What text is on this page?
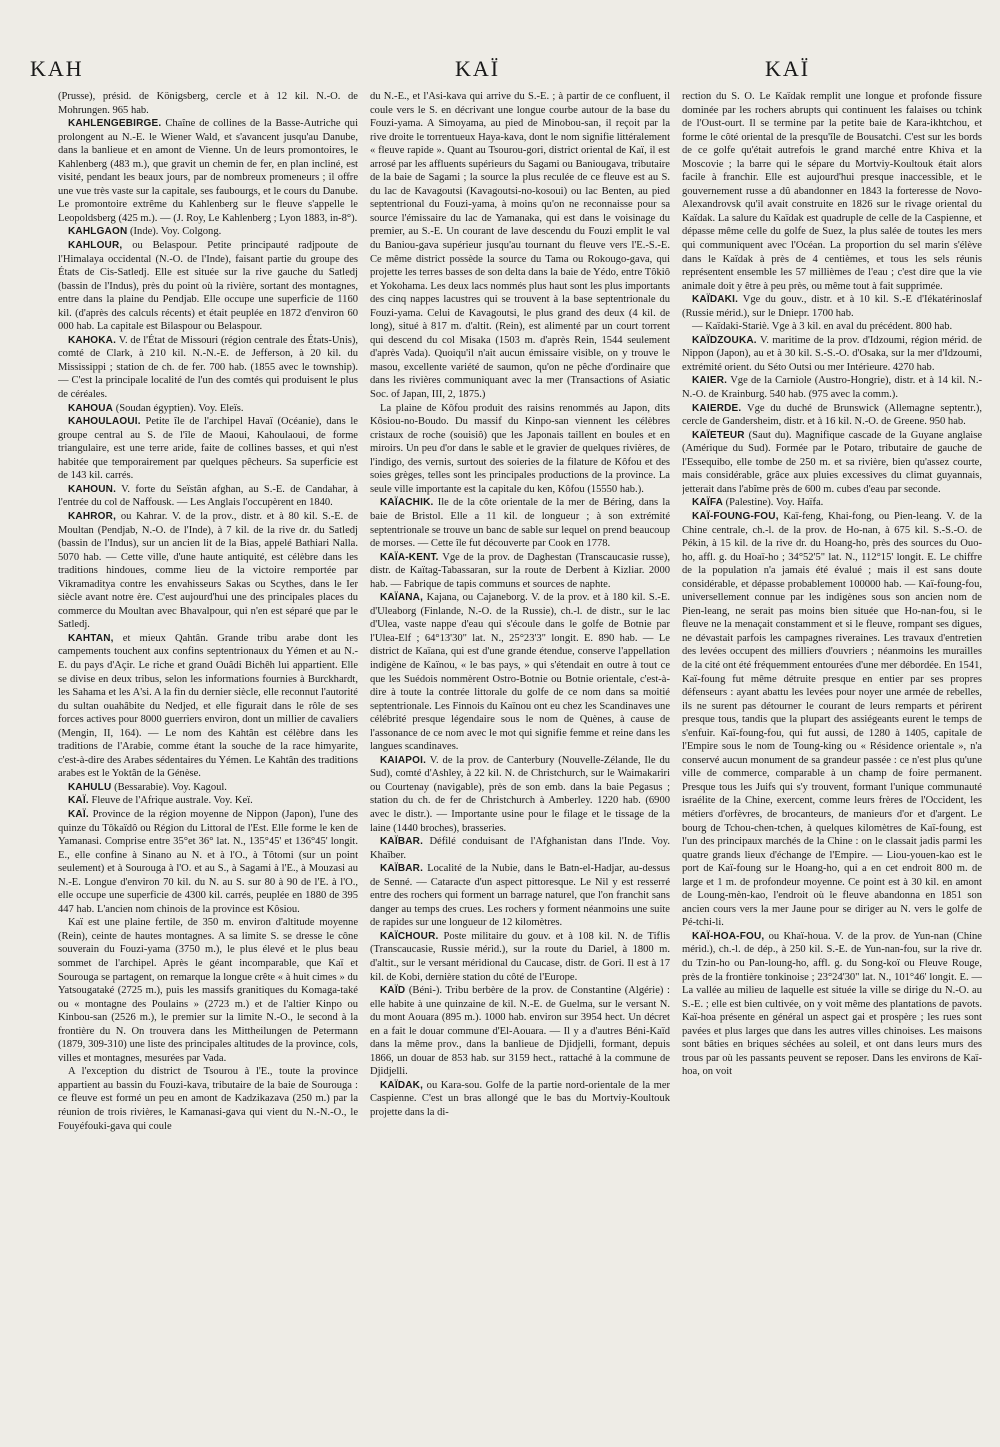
KAH	KAÏ	KAÏ

(Prusse), présid. de Königsberg, cercle et à 12 kil. N.-O. de Mohrungen. 965 hab.

KAHLENGEBIRGE. Chaîne de collines de la Basse-Autriche qui prolongent au N.-E. le Wiener Wald, et s'avancent jusqu'au Danube, dans la banlieue et en amont de Vienne. Un de leurs promontoires, le Kahlenberg (483 m.), que gravit un chemin de fer, en plan incliné, est visité, pendant les beaux jours, par de nombreux promeneurs ; il offre une vue très vaste sur la capitale, ses faubourgs, et le cours du Danube. Le promontoire extrême du Kahlenberg sur le fleuve s'appelle le Leopoldsberg (425 m.). — (J. Roy, Le Kahlenberg ; Lyon 1883, in-8°).

KAHLGAON (Inde). Voy. Colgong.

KAHLOUR, ou Belaspour. Petite principauté radjpoute de l'Himalaya occidental (N.-O. de l'Inde), faisant partie du groupe des États de Cis-Satledj. Elle est située sur la rive gauche du Satledj (bassin de l'Indus), près du point où la rivière, sortant des montagnes, entre dans la plaine du Pendjab. Elle occupe une superficie de 1160 kil. (d'après des calculs récents) et était peuplée en 1872 d'environ 60 000 hab. La capitale est Bilaspour ou Belaspour.

KAHOKA. V. de l'État de Missouri (région centrale des États-Unis), comté de Clark, à 210 kil. N.-N.-E. de Jefferson, à 20 kil. du Mississippi ; station de ch. de fer. 700 hab. (1855 avec le township). — C'est la principale localité de l'un des comtés qui produisent le plus de céréales.

KAHOUA (Soudan égyptien). Voy. Eleïs.

KAHOULAOUI. Petite île de l'archipel Havaï (Océanie), dans le groupe central au S. de l'île de Maoui, Kahoulaoui, de forme triangulaire, est une terre aride, faite de collines basses, et qui n'est habitée que temporairement par quelques pêcheurs. Sa superficie est de 143 kil. carrés.

KAHOUN. V. forte du Seïstân afghan, au S.-E. de Candahar, à l'entrée du col de Naffousk. — Les Anglais l'occupèrent en 1840.

KAHROR, ou Kahrar. V. de la prov., distr. et à 80 kil. S.-E. de Moultan (Pendjab, N.-O. de l'Inde), à 7 kil. de la rive dr. du Satledj (bassin de l'Indus), sur un ancien lit de la Bias, appelé Bathiari Nalla. 5070 hab. — Cette ville, d'une haute antiquité, est célèbre dans les traditions hindoues, comme lieu de la victoire remportée par Vikramaditya contre les envahisseurs Sakas ou Scythes, dans le Ier siècle avant notre ère. C'est aujourd'hui une des principales places du commerce du Moultan avec Bhavalpour, qui n'en est séparé que par le Satledj.

KAHTAN, et mieux Qahtân. Grande tribu arabe dont les campements touchent aux confins septentrionaux du Yémen et au N.-E. du pays d'Açir. Le riche et grand Ouâdi Bichêh lui appartient. Elle se divise en deux tribus, selon les informations fournies à Burckhardt, les Sahama et les A'si. A la fin du dernier siècle, elle reconnut l'autorité du sultan ouahâbite du Nedjed, et elle figurait dans le rôle de ses forces actives pour 8000 guerriers environ, dont un millier de cavaliers (Mengin, II, 164). — Le nom des Kahtân est célèbre dans les traditions de l'Arabie, comme étant la souche de la race himyarite, c'est-à-dire des Arabes sédentaires du Yémen. Le Kahtân des traditions arabes est le Yoktân de la Génèse.

KAHULU (Bessarabie). Voy. Kagoul.

KAÏ. Fleuve de l'Afrique australe. Voy. Keï.

KAÏ. Province de la région moyenne de Nippon (Japon), l'une des quinze du Tôkaïdô ou Région du Littoral de l'Est. Elle forme le ken de Yamanasi. Comprise entre 35°et 36° lat. N., 135°45' et 136°45' longit. E., elle confine à Sinano au N. et à l'O., à Tôtomi (sur un point seulement) et à Sourouga à l'O. et au S., à Sagami à l'E., à Mouzasi au N.-E. Longue d'environ 70 kil. du N. au S. sur 80 à 90 de l'E. à l'O., elle occupe une superficie de 4300 kil. carrés, peuplée en 1880 de 395 447 hab. L'ancien nom chinois de la province est Kôsiou.

Kaï est une plaine fertile, de 350 m. environ d'altitude moyenne (Rein), ceinte de hautes montagnes. A sa limite S. se dresse le cône souverain du Fouzi-yama (3750 m.), le plus élevé et le plus beau sommet de l'archipel. Après le géant incomparable, que Kaï et Sourouga se partagent, on remarque la longue crête « à huit cimes » du Yatsougataké (2725 m.), puis les massifs granitiques du Komaga-také ou « montagne des Poulains » (2723 m.) et de l'altier Kinpo ou Kinbou-san (2526 m.), le premier sur la limite N.-O., le second à la frontière du N. On trouvera dans les Mittheilungen de Petermann (1879, 309-310) une liste des principales altitudes de la province, cols, villes et montagnes, mesurées par Vada.

A l'exception du district de Tsourou à l'E., toute la province appartient au bassin du Fouzi-kava, tributaire de la baie de Sourouga : ce fleuve est formé un peu en amont de Kadzikazava (250 m.) par la réunion de trois rivières, le Kamanasi-gava qui vient du N.-N.-O., le Fouyéfouki-gava qui coule

du N.-E., et l'Asi-kava qui arrive du S.-E. ; à partir de ce confluent, il coule vers le S. en décrivant une longue courbe autour de la base du Fouzi-yama. A Simoyama, au pied de Minobou-san, il reçoit par la rive droite le torrentueux Haya-kava, dont le nom signifie littéralement « fleuve rapide ». Quant au Tsourou-gori, district oriental de Kaï, il est arrosé par les affluents supérieurs du Sagami ou Baniougava, tributaire de la baie de Sagami ; la source la plus reculée de ce fleuve est au S. du lac de Kavagoutsi (Kavagoutsi-no-kosoui) ou lac Benten, au pied septentrional du Fouzi-yama, à moins qu'on ne reconnaisse pour sa source l'émissaire du lac de Yamanaka, qui est dans le voisinage du premier, au S.-E. Un courant de lave descendu du Fouzi emplit le val du Baniou-gava supérieur jusqu'au tournant du fleuve vers l'E.-S.-E. Ce même district possède la source du Tama ou Rokougo-gava, qui projette les terres basses de son delta dans la baie de Yédo, entre Tôkiô et Yokohama. Les deux lacs nommés plus haut sont les plus importants des cinq nappes lacustres qui se trouvent à la base septentrionale du Fouzi-yama. Celui de Kavagoutsi, le plus grand des deux (4 kil. de long), situé à 817 m. d'altit. (Rein), est alimenté par un court torrent qui descend du col Misaka (1503 m. d'après Rein, 1544 seulement d'après Vada). Quoiqu'il n'ait aucun émissaire visible, on y trouve le masou, excellente variété de saumon, qu'on ne pêche d'ordinaire que dans les rivières communiquant avec la mer (Transactions of Asiatic Soc. of Japan, III, 2, 1875.)

La plaine de Kôfou produit des raisins renommés au Japon, dits Kôsiou-no-Boudo. Du massif du Kinpo-san viennent les célèbres cristaux de roche (souisiô) que les Japonais taillent en boules et en miroirs. Un peu d'or dans le sable et le gravier de quelques rivières, de l'indigo, des vernis, surtout des soieries de la filature de Kôfou et des soies grèges, telles sont les principales productions de la province. La seule ville importante est la capitale du ken, Kôfou (15550 hab.).

KAÏACHIK. Ile de la côte orientale de la mer de Béring, dans la baie de Bristol. Elle a 11 kil. de longueur ; à son extrémité septentrionale se trouve un banc de sable sur lequel on prend beaucoup de morses. — Cette île fut découverte par Cook en 1778.

KAÏA-KENT. Vge de la prov. de Daghestan (Transcaucasie russe), distr. de Kaïtag-Tabassaran, sur la route de Derbent à Kizliar. 2000 hab. — Fabrique de tapis communs et sources de naphte.

KAÏANA, Kajana, ou Cajaneborg. V. de la prov. et à 180 kil. S.-E. d'Uleaborg (Finlande, N.-O. de la Russie), ch.-l. de distr., sur le lac d'Ulea, vaste nappe d'eau qui s'écoule dans le golfe de Botnie par l'Ulea-Elf ; 64°13'30" lat. N., 25°23'3" longit. E. 890 hab. — Le district de Kaïana, qui est d'une grande étendue, conserve l'appellation indigène de Kaïnou, « le bas pays, » qui s'étendait en outre à tout ce que les Suédois nommèrent Ostro-Botnie ou Botnie orientale, c'est-à-dire à toute la contrée littorale du golfe de ce nom dans sa moitié septentrionale. Les Finnois du Kaïnou ont eu chez les Scandinaves une célébrité presque légendaire sous le nom de Quènes, à cause de l'assonance de ce nom avec le mot qui signifie femme et reine dans les langues scandinaves.

KAIAPOI. V. de la prov. de Canterbury (Nouvelle-Zélande, Ile du Sud), comté d'Ashley, à 22 kil. N. de Christchurch, sur le Waimakariri ou Courtenay (navigable), près de son emb. dans la baie Pegasus ; station du ch. de fer de Christchurch à Amberley. 1220 hab. (6900 avec le distr.). — Importante usine pour le filage et le tissage de la laine (1440 broches), brasseries.

KAÏBAR. Défilé conduisant de l'Afghanistan dans l'Inde. Voy. Khaïber.

KAÏBAR. Localité de la Nubie, dans le Batn-el-Hadjar, au-dessus de Senné. — Cataracte d'un aspect pittoresque. Le Nil y est resserré entre des rochers qui forment un barrage naturel, que l'on franchit sans danger au temps des crues. Les rochers y forment néanmoins une suite de rapides sur une longueur de 12 kilomètres.

KAÏCHOUR. Poste militaire du gouv. et à 108 kil. N. de Tiflis (Transcaucasie, Russie mérid.), sur la route du Dariel, à 1800 m. d'altit., sur le versant méridional du Caucase, distr. de Gori. Il est à 17 kil. de Kobi, dernière station du côté de l'Europe.

KAÏD (Béni-). Tribu berbère de la prov. de Constantine (Algérie) : elle habite à une quinzaine de kil. N.-E. de Guelma, sur le versant N. du mont Aouara (895 m.). 1000 hab. environ sur 3954 hect. Un décret en a fait le douar commune d'El-Aouara. — Il y a d'autres Béni-Kaïd dans la même prov., dans la banlieue de Djidjelli, formant, depuis 1866, un douar de 853 hab. sur 3159 hect., rattaché à la commune de Djidjelli.

KAÏDAK, ou Kara-sou. Golfe de la partie nord-orientale de la mer Caspienne. C'est un bras allongé que le bas du Mortviy-Koultouk projette dans la di-

rection du S. O. Le Kaïdak remplit une longue et profonde fissure dominée par les rochers abrupts qui continuent les falaises ou tchink de l'Oust-ourt. Il se termine par la petite baie de Kara-ikhtchou, et forme le côté oriental de la presqu'île de Bousatchi. C'est sur les bords de ce golfe qu'était autrefois le grand marché entre Khiva et la Moscovie ; la barre qui le sépare du Mortviy-Koultouk était alors facile à franchir. Elle est aujourd'hui presque inaccessible, et le gouvernement russe a dû abandonner en 1843 la forteresse de Novo-Alexandrovsk qu'il avait construite en 1826 sur le rivage oriental du Kaïdak. La salure du Kaïdak est quadruple de celle de la Caspienne, et dépasse même celle du golfe de Suez, la plus salée de toutes les mers qui communiquent avec l'Océan. La proportion du sel marin s'élève dans le Kaïdak à près de 4 centièmes, et tous les sels réunis représentent ensemble les 57 millièmes de l'eau ; c'est dire que la vie animale doit y être à peu près, ou même tout à fait supprimée.

KAÏDAKI. Vge du gouv., distr. et à 10 kil. S.-E d'Iékatérinoslaf (Russie mérid.), sur le Dniepr. 1700 hab.

— Kaïdaki-Stariè. Vge à 3 kil. en aval du précédent. 800 hab.

KAÏDZOUKA. V. maritime de la prov. d'Idzoumi, région mérid. de Nippon (Japon), au et à 30 kil. S.-S.-O. d'Osaka, sur la mer d'Idzoumi, extrémité orient. du Séto Outsi ou mer Intérieure. 4270 hab.

KAIER. Vge de la Carniole (Austro-Hongrie), distr. et à 14 kil. N.-N.-O. de Krainburg. 540 hab. (975 avec la comm.).

KAIERDE. Vge du duché de Brunswick (Allemagne septentr.), cercle de Gandersheim, distr. et à 16 kil. N.-O. de Greene. 950 hab.

KAÏETEUR (Saut du). Magnifique cascade de la Guyane anglaise (Amérique du Sud). Formée par le Potaro, tributaire de gauche de l'Essequibo, elle tombe de 250 m. et sa rivière, bien qu'assez courte, mais considérable, grâce aux pluies excessives du climat guyannais, jetterait dans l'abîme près de 600 m. cubes d'eau par seconde.

KAÏFA (Palestine). Voy. Haïfa.

KAÏ-FOUNG-FOU, Kaï-feng, Khai-fong, ou Pien-leang. V. de la Chine centrale, ch.-l. de la prov. de Ho-nan, à 675 kil. S.-S.-O. de Pékin, à 15 kil. de la rive dr. du Hoang-ho, près des sources du Ouo-ho, affl. g. du Hoaï-ho ; 34°52'5" lat. N., 112°15' longit. E. Le chiffre de la population n'a jamais été évalué ; mais il est sans doute considérable, et dépasse probablement 100000 hab. — Kaï-foung-fou, universellement connue par les indigènes sous son ancien nom de Pien-leang, ne serait pas moins bien située que Ho-nan-fou, si le fleuve ne la menaçait constamment et si le fleuve, rompant ses digues, ne dévastait parfois les campagnes riveraines. Les travaux d'entretien des levées occupent des milliers d'ouvriers ; néanmoins les murailles de la cité ont été fréquemment entourées d'une mer débordée. En 1541, Kaï-foung fut même détruite presque en entier par ses propres défenseurs : ayant abattu les levées pour noyer une armée de rebelles, ils ne surent pas détourner le courant de leurs remparts et périrent presque tous, tandis que la plupart des assiégeants eurent le temps de s'enfuir. Kaï-foung-fou, qui fut aussi, de 1280 à 1405, capitale de l'Empire sous le nom de Toung-king ou « Résidence orientale », n'a conservé aucun monument de sa grandeur passée : ce n'est plus qu'une ville de commerce, comparable à un champ de foire permanent. Presque tous les Juifs qui s'y trouvent, formant l'unique communauté israélite de la Chine, exercent, comme leurs frères de l'Occident, les métiers d'orfèvres, de brocanteurs, de manieurs d'or et d'argent. Le bourg de Tchou-chen-tchen, à quelques kilomètres de Kaï-foung, est l'un des principaux marchés de la Chine : on le classait jadis parmi les quatre grands lieux d'échange de l'Empire. — Liou-youen-kao est le port de Kaï-foung sur le Hoang-ho, qui a en cet endroit 800 m. de large et 1 m. de profondeur moyenne. Ce point est à 30 kil. en amont de Loung-mèn-kao, l'endroit où le fleuve abandonna en 1851 son ancien cours vers la mer Jaune pour se diriger au N. vers le golfe de Pé-tchi-li.

KAÏ-HOA-FOU, ou Khaï-houa. V. de la prov. de Yun-nan (Chine mérid.), ch.-l. de dép., à 250 kil. S.-E. de Yun-nan-fou, sur la rive dr. du Tzin-ho ou Pan-loung-ho, affl. g. du Song-koï ou Fleuve Rouge, près de la frontière tonkinoise ; 23°24'30" lat. N., 101°46' longit. E. — La vallée au milieu de laquelle est située la ville se dirige du N.-O. au S.-E. ; elle est bien cultivée, on y voit même des plantations de pavots. Kaï-hoa présente en général un aspect gai et prospère ; les rues sont pavées et plus larges que dans les autres villes chinoises. Les maisons sont bâties en briques séchées au soleil, et ont dans leurs murs des trous par où les passants peuvent se reposer. Dans les environs de Kaï-hoa, on voit
